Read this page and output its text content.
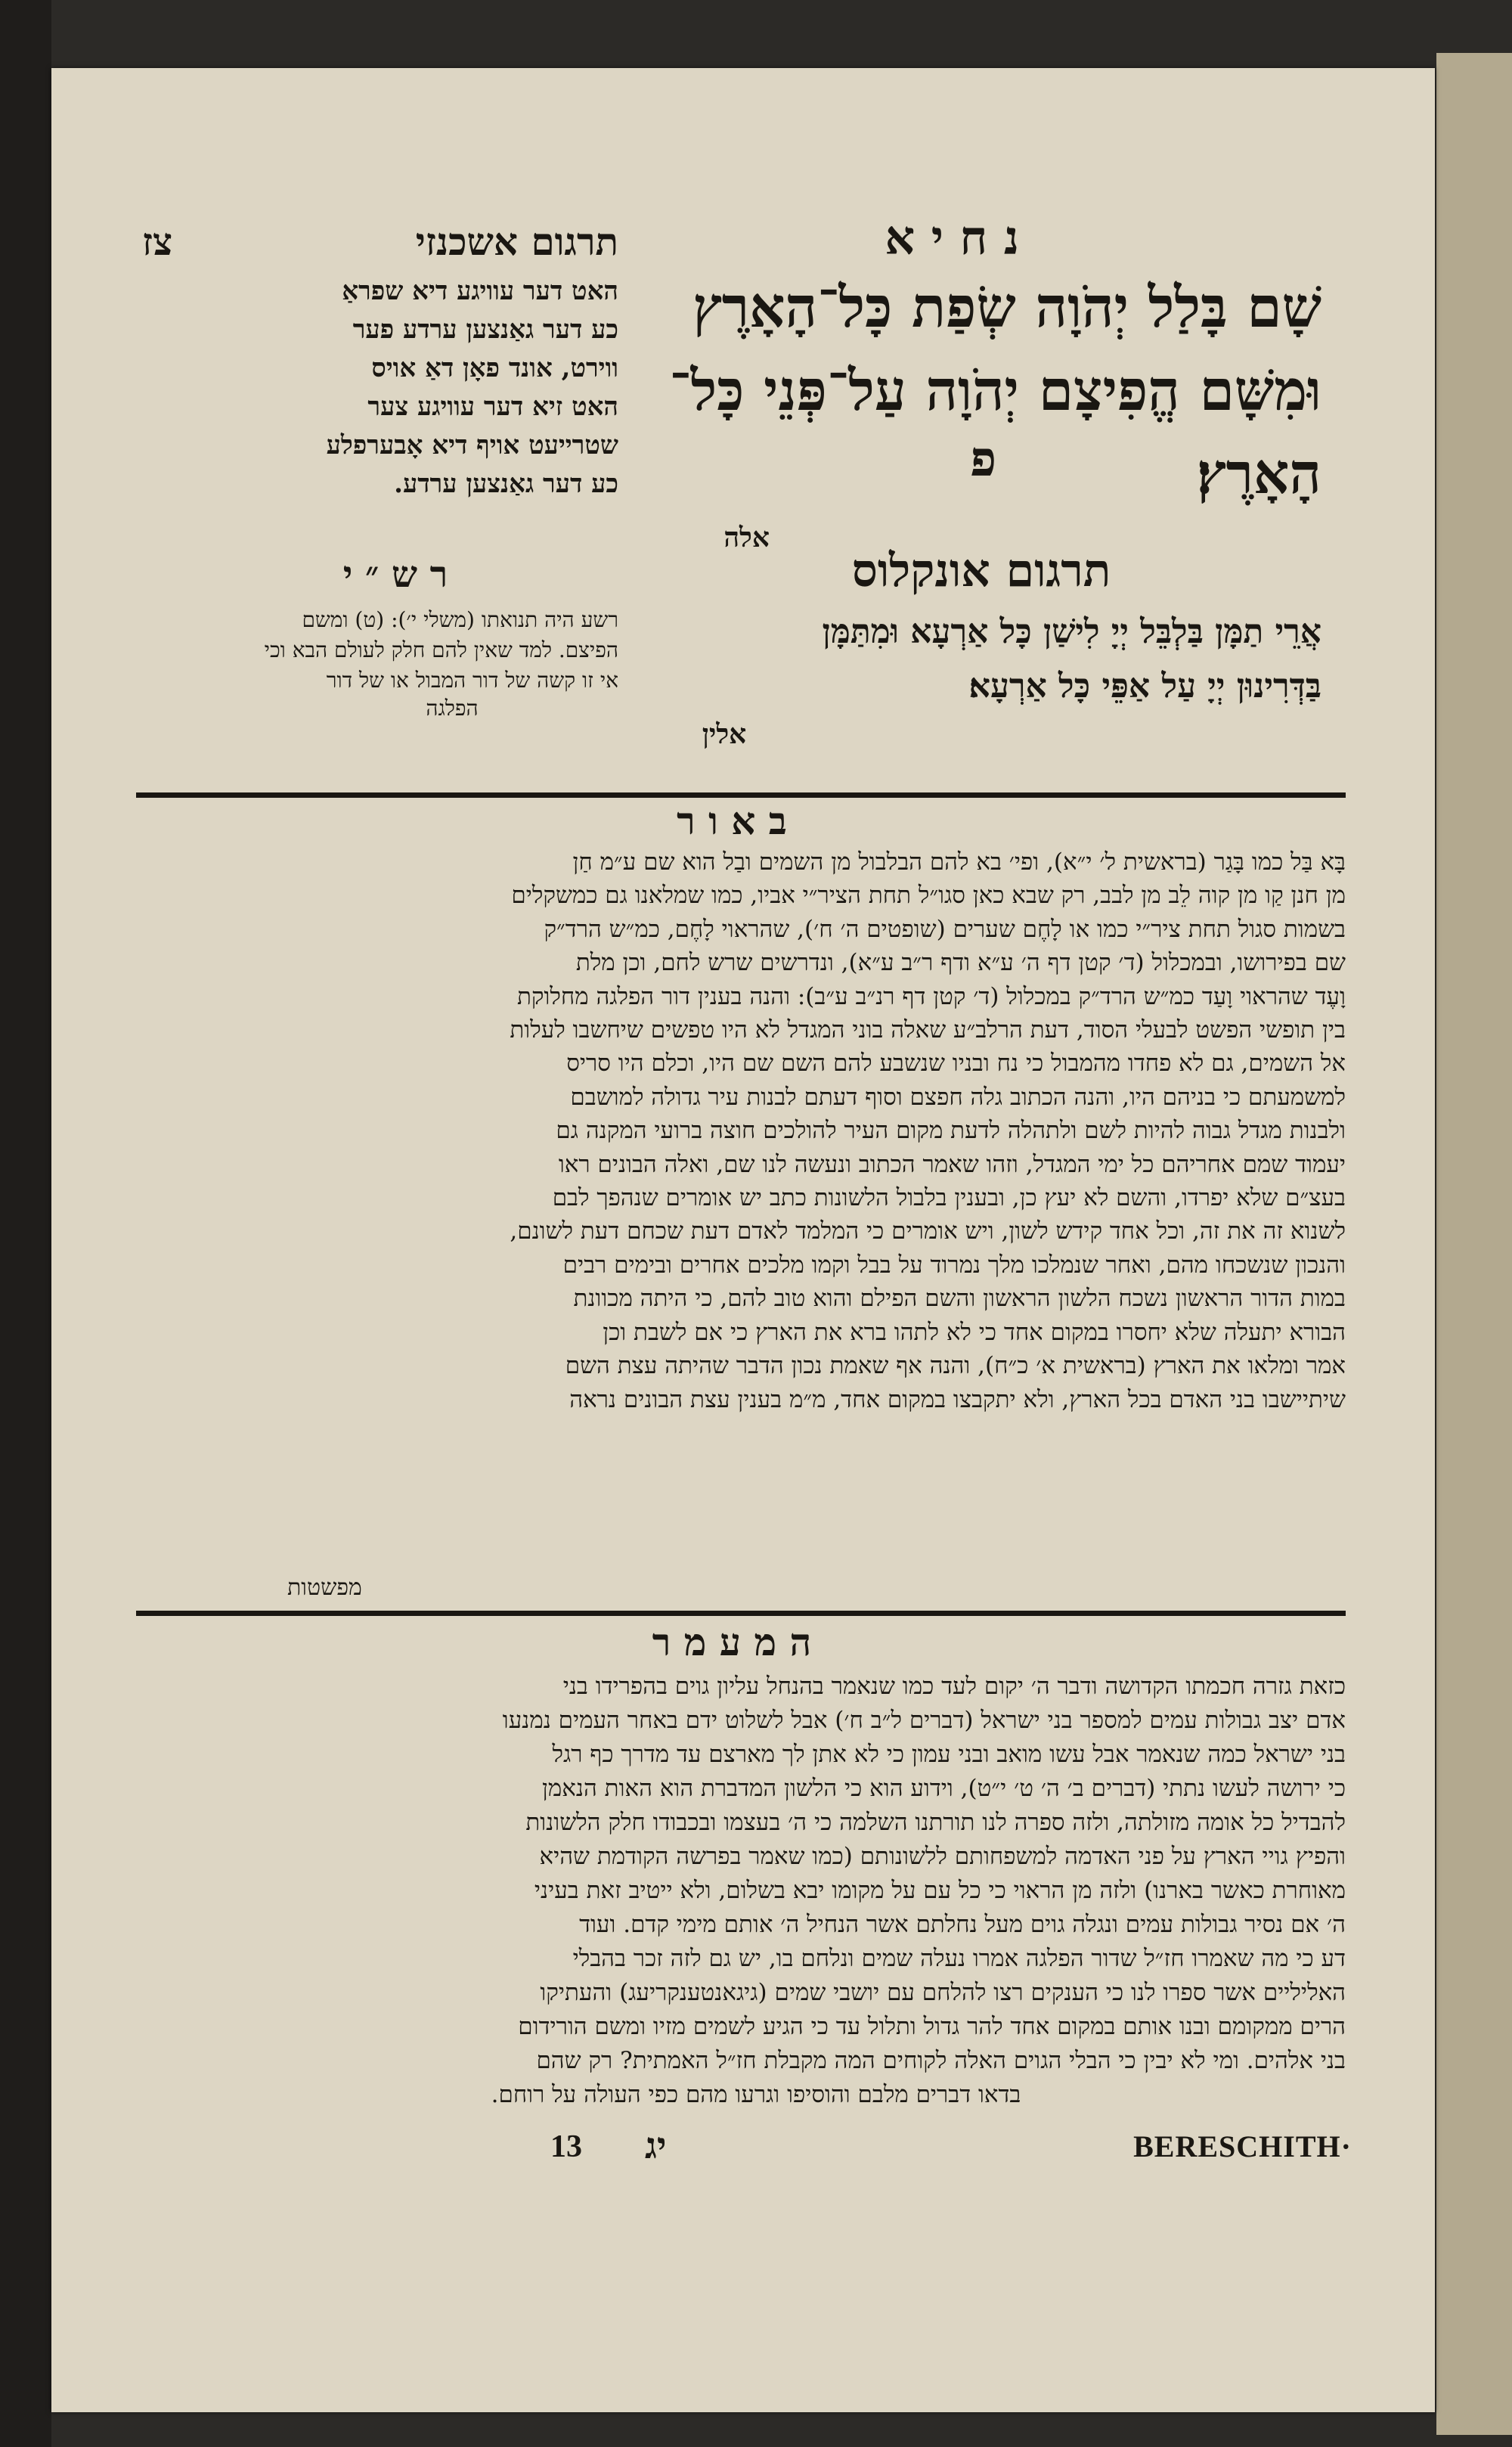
נ ח י א
תרגום אשכנזי
צז
שָׁם בָּלַל יְהֹוָה שְׂפַת כָּל־הָאָרֶץ
וּמִשָּׁם הֱפִיצָם יְהֹוָה עַל־פְּנֵי כָּל־
הָאָרֶץ׃
פ
אלה
האט דער עוויגע דיא שפראַ
כע דער גאַנצען ערדע פער
ווירט, אונד פאָן דאַ אויס
האט זיא דער עוויגע צער
שטרייעט אויף דיא אָבערפלע
כע דער גאַנצען ערדע.
תרגום אונקלוס
אֲרֵי תַמָּן בַּלְבֵּל יְיָ לִישַׁן כָּל אַרְעָא וּמִתַּמָּן
בַּדְּרִינוּן יְיָ עַל אַפֵּי כָּל אַרְעָא׃
אלין
ר ש ״ י
רשע היה תנואתו (משלי י׳): (ט) ומשם
הפיצם. למד שאין להם חלק לעולם הבא וכי
אי זו קשה של דור המבול או של דור
הפלגה
ב א ו ר
בָּא בַּל כמו בָּגַר (בראשית ל׳ י״א), ופי׳ בא להם הבלבול מן השמים ובַל הוא שם ע״מ חַן
מן חנן קַו מן קוה לֵב מן לבב, רק שבא כאן סגו״ל תחת הציר״י אביו, כמו שמלאנו גם כמשקלים
בשמות סגול תחת ציר״י כמו או לָחֶם שערים (שופטים ה׳ ח׳), שהראוי לָחֶם, כמ״ש הרד״ק
שם בפירושו, ובמכלול (ד׳ קטן דף ה׳ ע״א ודף ר״ב ע״א), ונדרשים שרש לחם, וכן מלת
וָעֶד שהראוי וָעַד כמ״ש הרד״ק במכלול (ד׳ קטן דף רנ״ב ע״ב): והנה בענין דור הפלגה מחלוקת
בין תופשי הפשט לבעלי הסוד, דעת הרלב״ע שאלה בוני המגדל לא היו טפשים שיחשבו לעלות
אל השמים, גם לא פחדו מהמבול כי נח ובניו שנשבע להם השם שם היו, וכלם היו סריס
למשמעתם כי בניהם היו, והנה הכתוב גלה חפצם וסוף דעתם לבנות עיר גדולה למושבם
ולבנות מגדל גבוה להיות לשם ולתהלה לדעת מקום העיר להולכים חוצה ברועי המקנה גם
יעמוד שמם אחריהם כל ימי המגדל, וזהו שאמר הכתוב ונעשה לנו שם, ואלה הבונים ראו
בעצ״ם שלא יפרדו, והשם לא יעץ כן, ובענין בלבול הלשונות כתב יש אומרים שנהפך לבם
לשנוא זה את זה, וכל אחד קידש לשון, ויש אומרים כי המלמד לאדם דעת שכחם דעת לשונם,
והנכון שנשכחו מהם, ואחר שנמלכו מלך נמרוד על בבל וקמו מלכים אחרים ובימים רבים
במות הדור הראשון נשכח הלשון הראשון והשם הפילם והוא טוב להם, כי היתה מכוונת
הבורא יתעלה שלא יחסרו במקום אחד כי לא לתהו ברא את הארץ כי אם לשבת וכן
אמר ומלאו את הארץ (בראשית א׳ כ״ח), והנה אף שאמת נכון הדבר שהיתה עצת השם
שיתיישבו בני האדם בכל הארץ, ולא יתקבצו במקום אחד, מ״מ בענין עצת הבונים נראה
מפשטות
ה מ ע מ ר
כזאת גזרה חכמתו הקדושה ודבר ה׳ יקום לעד כמו שנאמר בהנחל עליון גוים בהפרידו בני
אדם יצב גבולות עמים למספר בני ישראל (דברים ל״ב ח׳) אבל לשלוט ידם באחר העמים נמנעו
בני ישראל כמה שנאמר אבל עשו מואב ובני עמון כי לא אתן לך מארצם עד מדרך כף רגל
כי ירושה לעשו נתתי (דברים ב׳ ה׳ ט׳ י״ט), וידוע הוא כי הלשון המדברת הוא האות הנאמן
להבדיל כל אומה מזולתה, ולזה ספרה לנו תורתנו השלמה כי ה׳ בעצמו ובכבודו חלק הלשונות
והפיץ גויי הארץ על פני האדמה למשפחותם ללשונותם (כמו שאמר בפרשה הקודמת שהיא
מאוחרת כאשר בארנו) ולזה מן הראוי כי כל עם על מקומו יבא בשלום, ולא ייטיב זאת בעיני
ה׳ אם נסיר גבולות עמים ונגלה גוים מעל נחלתם אשר הנחיל ה׳ אותם מימי קדם. ועוד
דע כי מה שאמרו חז״ל שדור הפלגה אמרו נעלה שמים ונלחם בו, יש גם לזה זכר בהבלי
האליליים אשר ספרו לנו כי הענקים רצו להלחם עם יושבי שמים (גיגאנטענקריעג) והעתיקו
הרים ממקומם ובנו אותם במקום אחד להר גדול ותלול עד כי הגיע לשמים מזיו ומשם הורידום
בני אלהים. ומי לא יבין כי הבלי הגוים האלה לקוחים המה מקבלת חז״ל האמתית? רק שהם
בדאו דברים מלבם והוסיפו וגרעו מהם כפי העולה על רוחם.
13	יג	BERESCHITH·
